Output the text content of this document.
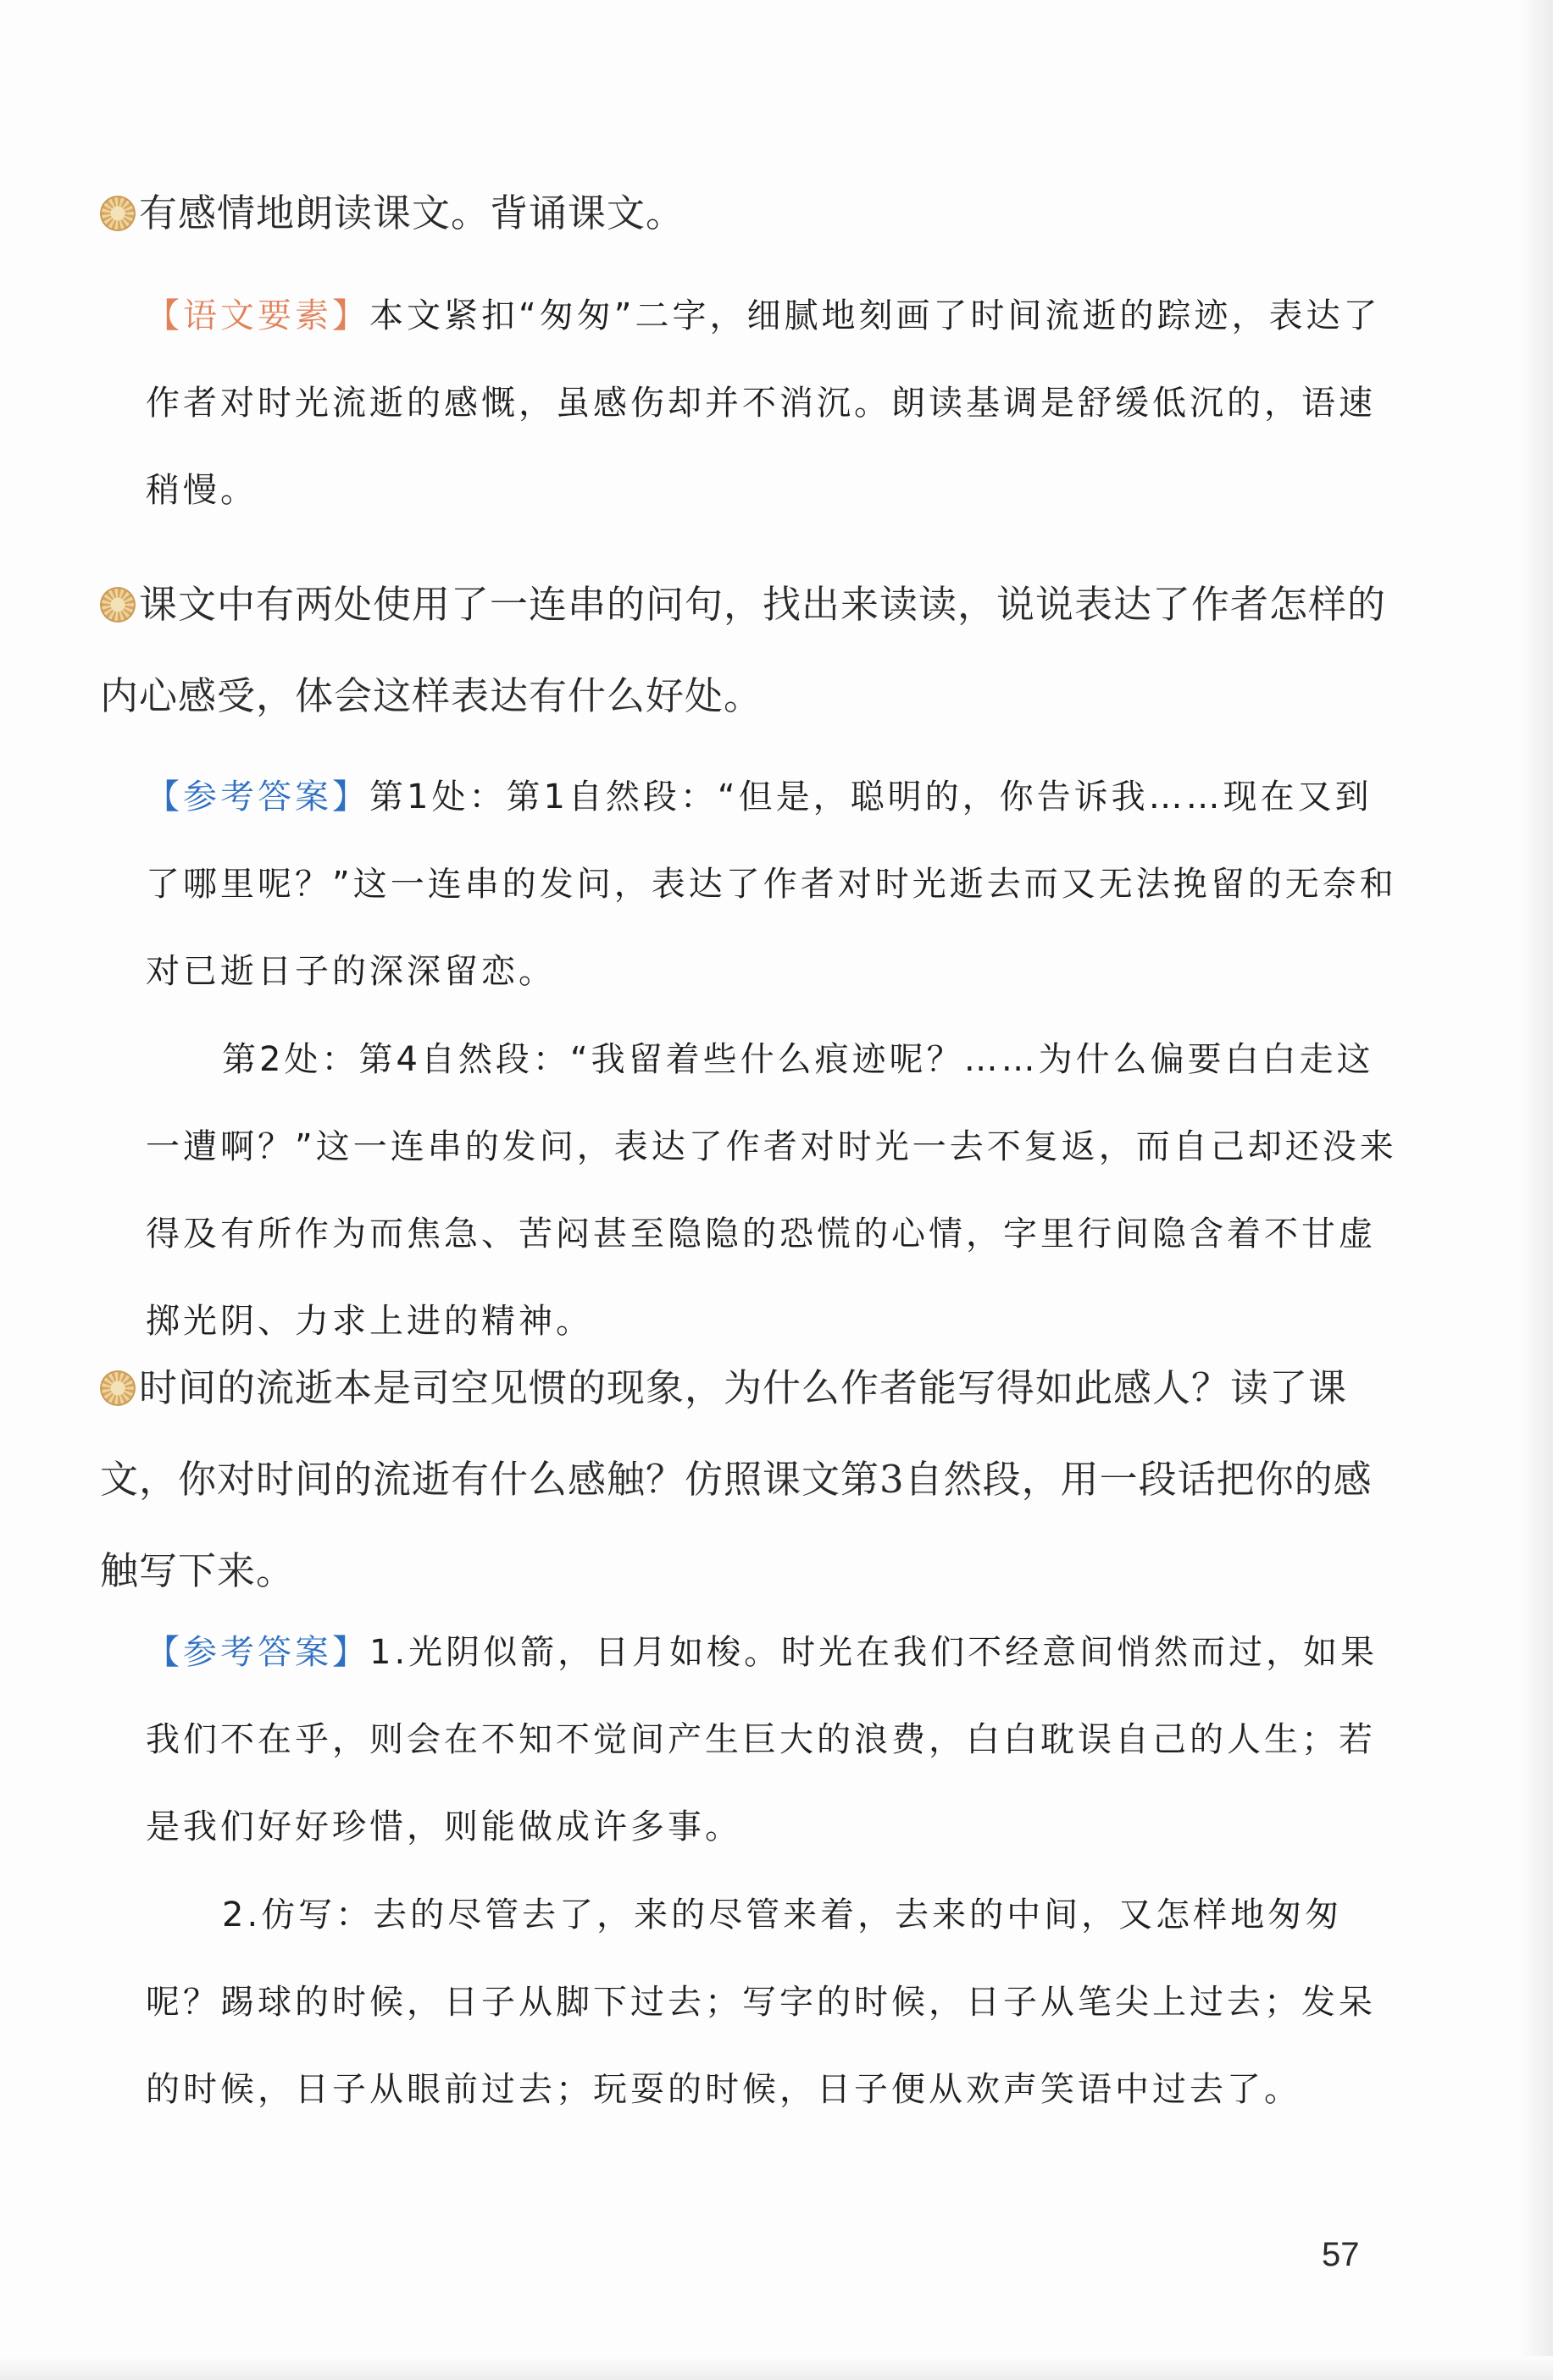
有感情地朗读课文。背诵课文。
【语文要素】本文紧扣“匆匆”二字，细腻地刻画了时间流逝的踪迹，表达了作者对时光流逝的感慨，虽感伤却并不消沉。朗读基调是舒缓低沉的，语速稍慢。
课文中有两处使用了一连串的问句，找出来读读，说说表达了作者怎样的内心感受，体会这样表达有什么好处。
【参考答案】第1处：第1自然段：“但是，聪明的，你告诉我……现在又到了哪里呢？”这一连串的发问，表达了作者对时光逝去而又无法挽留的无奈和对已逝日子的深深留恋。
第2处：第4自然段：“我留着些什么痕迹呢？……为什么偏要白白走这一遭啊？”这一连串的发问，表达了作者对时光一去不复返，而自己却还没来得及有所作为而焦急、苦闷甚至隐隐的恐慌的心情，字里行间隐含着不甘虚掷光阴、力求上进的精神。
时间的流逝本是司空见惯的现象，为什么作者能写得如此感人？读了课文，你对时间的流逝有什么感触？仿照课文第3自然段，用一段话把你的感触写下来。
【参考答案】1.光阴似箭，日月如梭。时光在我们不经意间悄然而过，如果我们不在乎，则会在不知不觉间产生巨大的浪费，白白耽误自己的人生；若是我们好好珍惜，则能做成许多事。
2.仿写：去的尽管去了，来的尽管来着，去来的中间，又怎样地匆匆呢？踢球的时候，日子从脚下过去；写字的时候，日子从笔尖上过去；发呆的时候，日子从眼前过去；玩耍的时候，日子便从欢声笑语中过去了。
57
